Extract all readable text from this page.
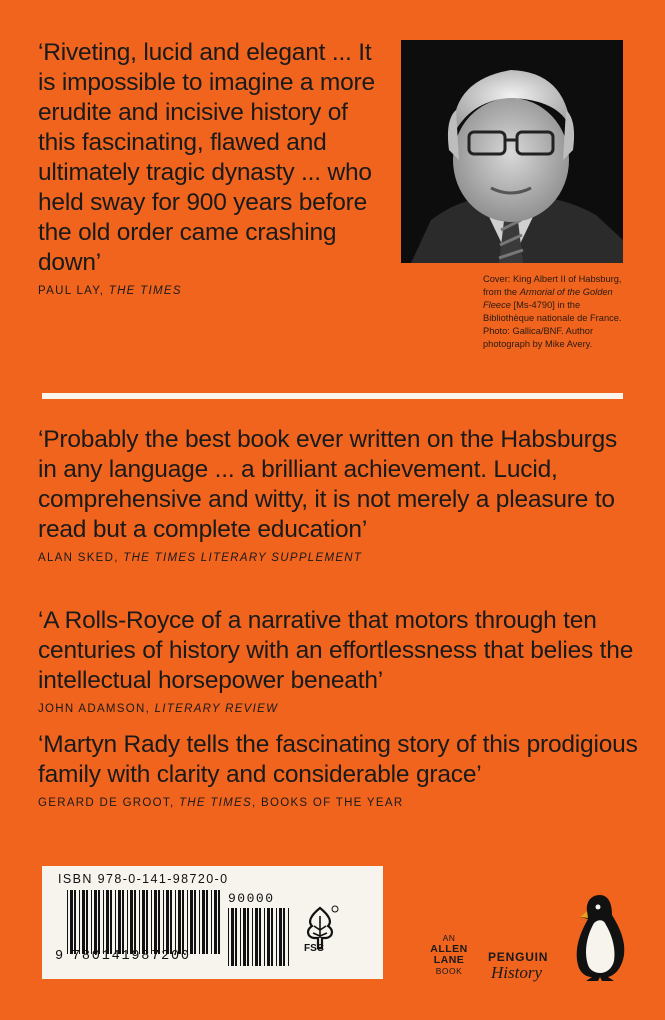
‘Riveting, lucid and elegant ... It is impossible to imagine a more erudite and incisive history of this fascinating, flawed and ultimately tragic dynasty ... who held sway for 900 years before the old order came crashing down’

PAUL LAY, THE TIMES
Cover: King Albert II of Habsburg, from the Armorial of the Golden Fleece [Ms-4790] in the Bibliothèque nationale de France. Photo: Gallica/BNF. Author photograph by Mike Avery.

‘Probably the best book ever written on the Habsburgs in any language ... a brilliant achievement. Lucid, comprehensive and witty, it is not merely a pleasure to read but a complete education’

ALAN SKED, THE TIMES LITERARY SUPPLEMENT

‘A Rolls-Royce of a narrative that motors through ten centuries of history with an effortlessness that belies the intellectual horsepower beneath’

JOHN ADAMSON, LITERARY REVIEW

‘Martyn Rady tells the fascinating story of this prodigious family with clarity and considerable grace’

GERARD DE GROOT, THE TIMES, BOOKS OF THE YEAR
ISBN 978-0-141-98720-0
9 780141987200
90000
FSC
AN
ALLEN
LANE
BOOK
PENGUIN
History
